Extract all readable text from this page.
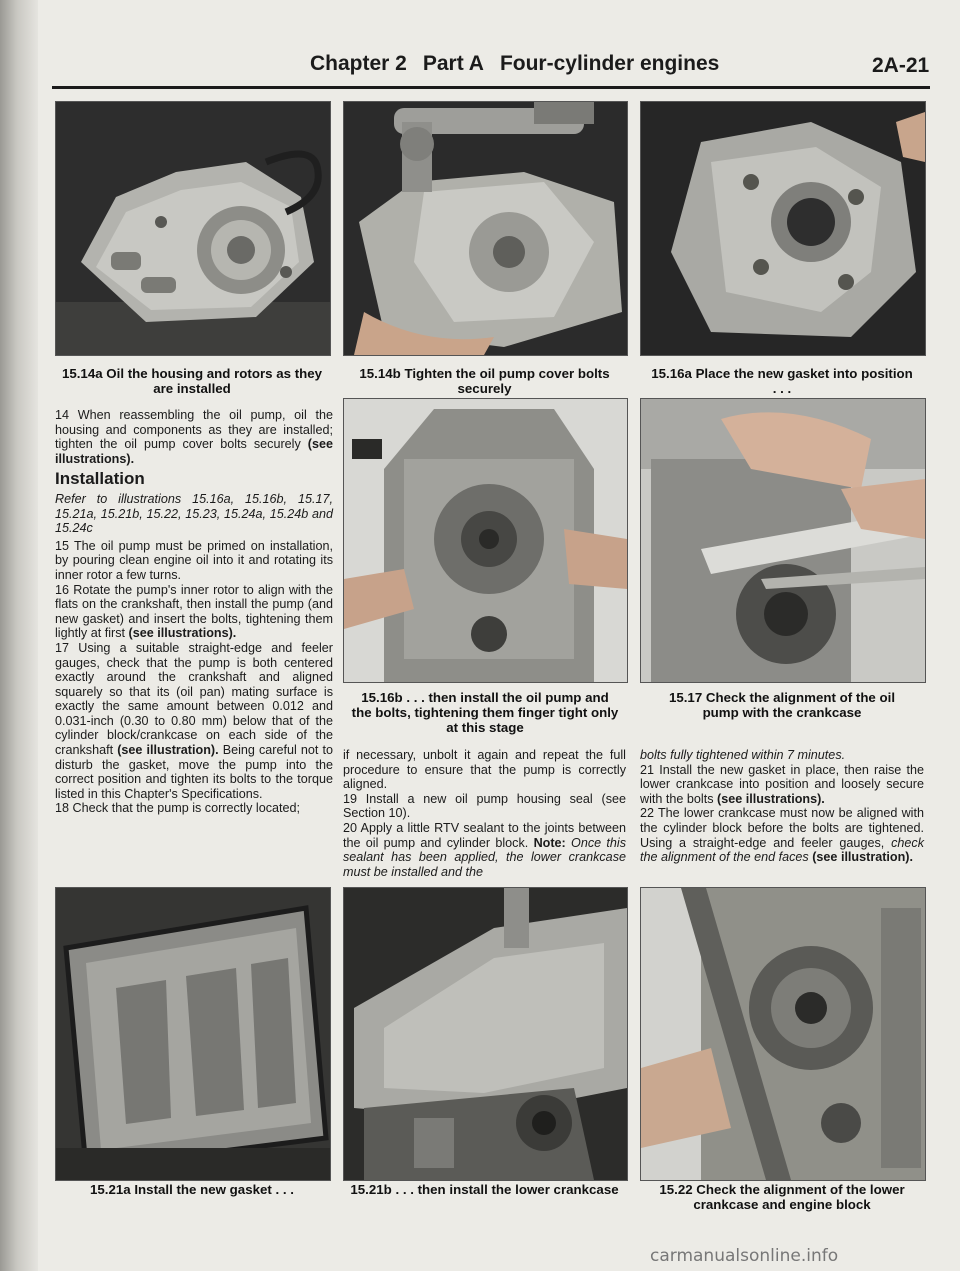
Chapter 2 Part A Four-cylinder engines	2A-21
15.14a Oil the housing and rotors as they are installed
15.14b Tighten the oil pump cover bolts securely
15.16a Place the new gasket into position . . .

14 When reassembling the oil pump, oil the housing and components as they are installed; tighten the oil pump cover bolts securely (see illustrations).

Installation

Refer to illustrations 15.16a, 15.16b, 15.17, 15.21a, 15.21b, 15.22, 15.23, 15.24a, 15.24b and 15.24c

15 The oil pump must be primed on installation, by pouring clean engine oil into it and rotating its inner rotor a few turns.

16 Rotate the pump's inner rotor to align with the flats on the crankshaft, then install the pump (and new gasket) and insert the bolts, tightening them lightly at first (see illustrations).

17 Using a suitable straight-edge and feeler gauges, check that the pump is both centered exactly around the crankshaft and aligned squarely so that its (oil pan) mating surface is exactly the same amount between 0.012 and 0.031-inch (0.30 to 0.80 mm) below that of the cylinder block/crankcase on each side of the crankshaft (see illustration). Being careful not to disturb the gasket, move the pump into the correct position and tighten its bolts to the torque listed in this Chapter's Specifications.

18 Check that the pump is correctly located;

15.16b . . . then install the oil pump and the bolts, tightening them finger tight only at this stage
15.17 Check the alignment of the oil pump with the crankcase

if necessary, unbolt it again and repeat the full procedure to ensure that the pump is correctly aligned.

19 Install a new oil pump housing seal (see Section 10).

20 Apply a little RTV sealant to the joints between the oil pump and cylinder block. Note: Once this sealant has been applied, the lower crankcase must be installed and the

bolts fully tightened within 7 minutes.

21 Install the new gasket in place, then raise the lower crankcase into position and loosely secure with the bolts (see illustrations).

22 The lower crankcase must now be aligned with the cylinder block before the bolts are tightened. Using a straight-edge and feeler gauges, check the alignment of the end faces (see illustration).

15.21a Install the new gasket . . .	15.21b . . . then install the lower crankcase	15.22 Check the alignment of the lower crankcase and engine block
carmanualsonline.info
